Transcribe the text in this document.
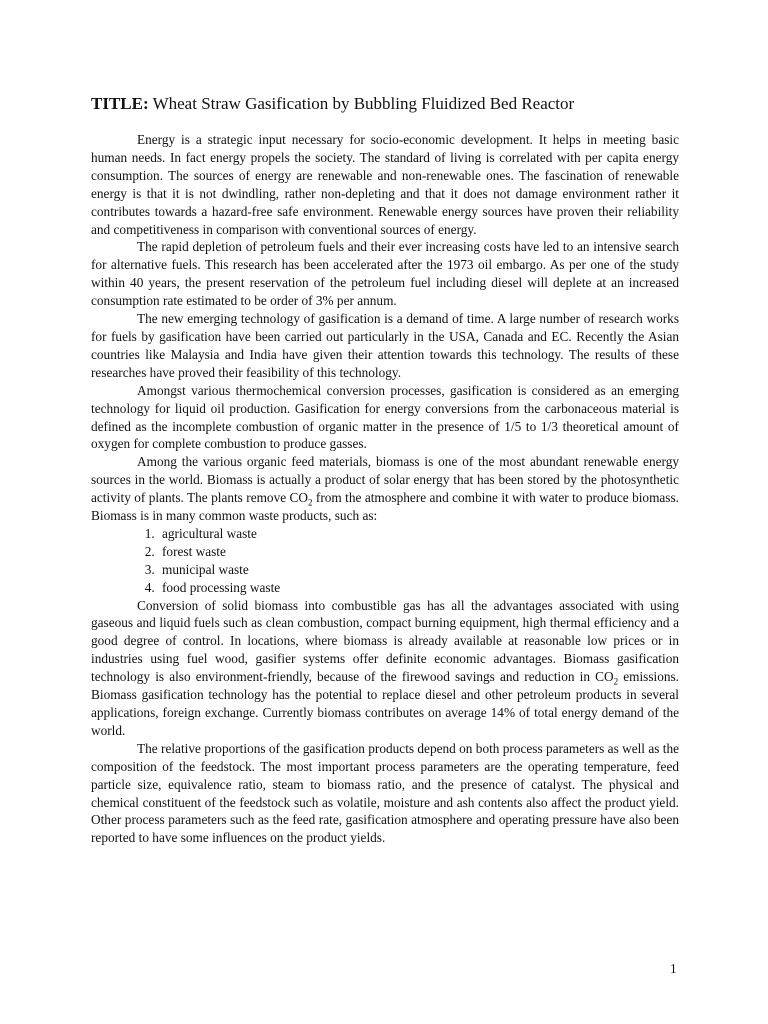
TITLE: Wheat Straw Gasification by Bubbling Fluidized Bed Reactor

Energy is a strategic input necessary for socio-economic development. It helps in meeting basic human needs. In fact energy propels the society. The standard of living is correlated with per capita energy consumption. The sources of energy are renewable and non-renewable ones. The fascination of renewable energy is that it is not dwindling, rather non-depleting and that it does not damage environment rather it contributes towards a hazard-free safe environment. Renewable energy sources have proven their reliability and competitiveness in comparison with conventional sources of energy.

The rapid depletion of petroleum fuels and their ever increasing costs have led to an intensive search for alternative fuels. This research has been accelerated after the 1973 oil embargo. As per one of the study within 40 years, the present reservation of the petroleum fuel including diesel will deplete at an increased consumption rate estimated to be order of 3% per annum.

The new emerging technology of gasification is a demand of time. A large number of research works for fuels by gasification have been carried out particularly in the USA, Canada and EC. Recently the Asian countries like Malaysia and India have given their attention towards this technology. The results of these researches have proved their feasibility of this technology.

Amongst various thermochemical conversion processes, gasification is considered as an emerging technology for liquid oil production. Gasification for energy conversions from the carbonaceous material is defined as the incomplete combustion of organic matter in the presence of 1/5 to 1/3 theoretical amount of oxygen for complete combustion to produce gasses.

Among the various organic feed materials, biomass is one of the most abundant renewable energy sources in the world. Biomass is actually a product of solar energy that has been stored by the photosynthetic activity of plants. The plants remove $CO_2$ from the atmosphere and combine it with water to produce biomass. Biomass is in many common waste products, such as:

1. agricultural waste
2. forest waste
3. municipal waste
4. food processing waste

Conversion of solid biomass into combustible gas has all the advantages associated with using gaseous and liquid fuels such as clean combustion, compact burning equipment, high thermal efficiency and a good degree of control. In locations, where biomass is already available at reasonable low prices or in industries using fuel wood, gasifier systems offer definite economic advantages. Biomass gasification technology is also environment-friendly, because of the firewood savings and reduction in $CO_2$ emissions. Biomass gasification technology has the potential to replace diesel and other petroleum products in several applications, foreign exchange. Currently biomass contributes on average 14% of total energy demand of the world.

The relative proportions of the gasification products depend on both process parameters as well as the composition of the feedstock. The most important process parameters are the operating temperature, feed particle size, equivalence ratio, steam to biomass ratio, and the presence of catalyst. The physical and chemical constituent of the feedstock such as volatile, moisture and ash contents also affect the product yield. Other process parameters such as the feed rate, gasification atmosphere and operating pressure have also been reported to have some influences on the product yields.

1
